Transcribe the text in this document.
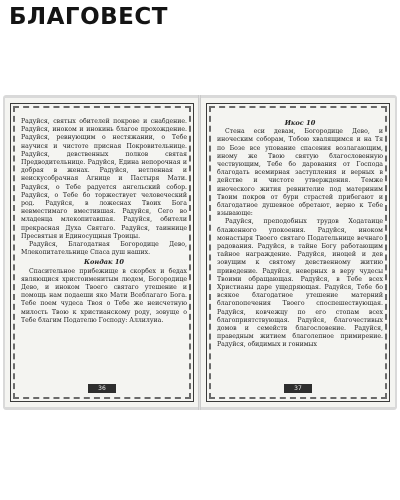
БЛАГОВЕСТ

Радуйся, святых обителей покрове и снабдение. Радуйся, иноком и инокинь благое прохождение. Радуйся, ревнующим о нестяжании, о Тебе научися и чистоте присная Покровительнице. Радуйся, девственных полков святая Предводительнице. Радуйся, Едина непорочная и добрая в женах. Радуйся, нетленная и неискусобрачная Агнице и Пастыря Мати. Радуйся, о Тебе радуется ангельский собор. Радуйся, о Тебе бо торжествует человеческий род. Радуйся, в ложеснах Твоих Бога невместимаго вместившая. Радуйся, Сего во младенца млекопитавшая. Радуйся, обители прекрасная Духа Святаго. Радуйся, таиннице Пресвятыя и Единосущныя Троицы.

Радуйся, Благодатная Богородице Дево, Млекопитательнице Спаса душ наших.

Кондак 10

Спасительное прибежище в скорбех и бедах являющися христоименитым людем, Богородице Дево, и иноком Твоего святаго утешение и помощь нам подаеши яко Мати Всеблагаго Бога. Тебе поем чудеса Твоя о Тебе же неисчетную милость Твою к христианскому роду, зовуще о Тебе благим Подателю Господу: Аллилуиа.

36

Икос 10

Стена еси девам, Богородице Дево, и иноческим соборам, Тобою хвалящимся и на Тя по Бозе все упование спасения возлагающим, иному же Твою святую благословенную чествующим, Тебе бо дарования от Господа благодать всемирная заступления и верных в действе и чистоте утверждения. Темже иноческого жития ревнителие под материним Твоим покров от бури страстей прибегают и благодатное душевное обретают, верно к Тебе взывающе:

Радуйся, преподобных трудов Ходатаице блаженного упокоения. Радуйся, иноком монастыря Твоего святаго Подательнице вечнаго радования. Радуйся, в тайне Богу работающим тайное награждение. Радуйся, иноцей и дев зовущим к святому девственному житию приведение. Радуйся, неверных в веру чудесы Твоими обращающая. Радуйся, в Тебе всех Христианы даре ущедряющая. Радуйся, Тебе бо всякое благодатное утешение матерний благопопечения Твоего споспешествующая. Радуйся, ковчежцу по его стопам всех благоприятствующая. Радуйся, благочестивых домов и семейств благословение. Радуйся, праведным житием благолепное примирение. Радуйся, обидимых и гонимых

37
